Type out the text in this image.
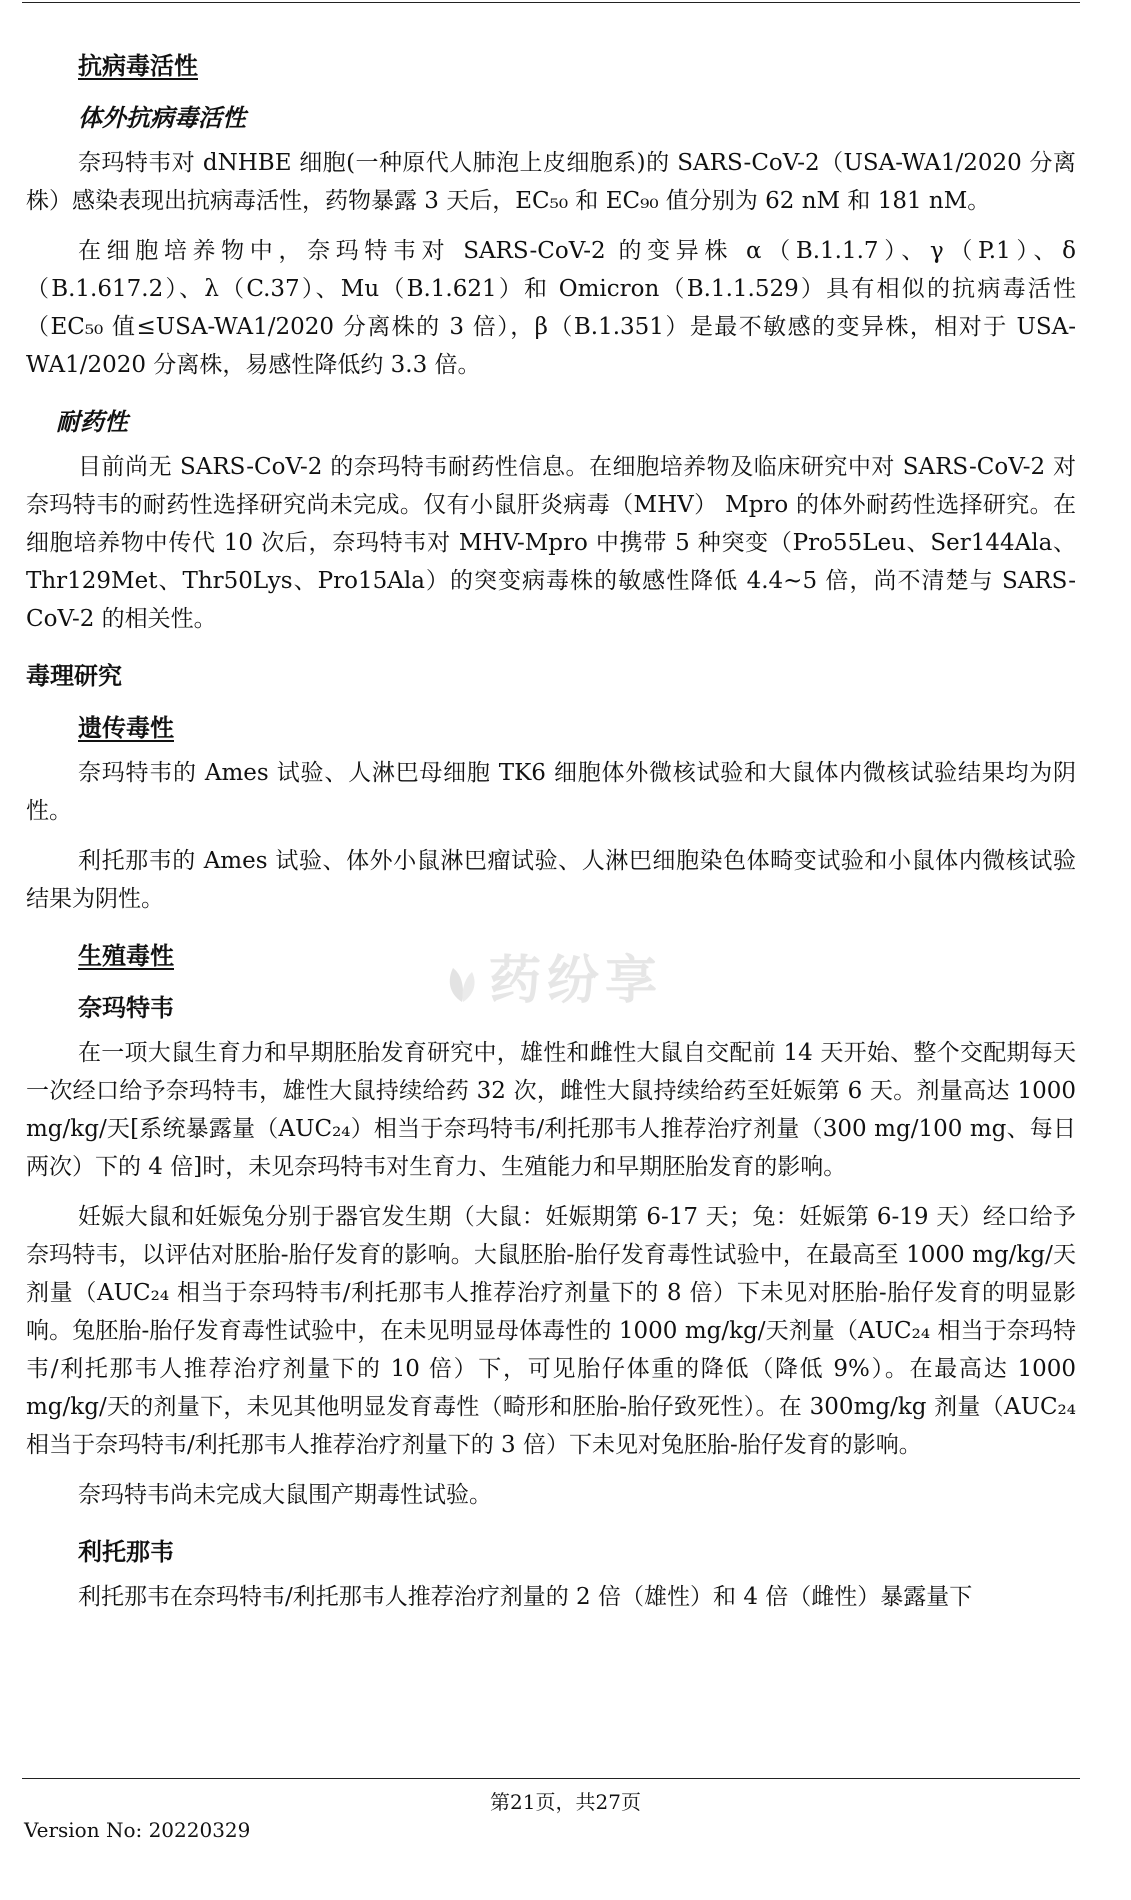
抗病毒活性
体外抗病毒活性

奈玛特韦对 dNHBE 细胞(一种原代人肺泡上皮细胞系)的 SARS-CoV-2（USA-WA1/2020 分离株）感染表现出抗病毒活性，药物暴露 3 天后，EC₅₀ 和 EC₉₀ 值分别为 62 nM 和 181 nM。

在细胞培养物中，奈玛特韦对 SARS-CoV-2 的变异株 α（B.1.1.7）、γ（P.1）、δ（B.1.617.2）、λ（C.37）、Mu（B.1.621）和 Omicron（B.1.1.529）具有相似的抗病毒活性（EC₅₀ 值≤USA-WA1/2020 分离株的 3 倍），β（B.1.351）是最不敏感的变异株，相对于 USA-WA1/2020 分离株，易感性降低约 3.3 倍。

耐药性

目前尚无 SARS-CoV-2 的奈玛特韦耐药性信息。在细胞培养物及临床研究中对 SARS-CoV-2 对奈玛特韦的耐药性选择研究尚未完成。仅有小鼠肝炎病毒（MHV） Mpro 的体外耐药性选择研究。在细胞培养物中传代 10 次后，奈玛特韦对 MHV-Mpro 中携带 5 种突变（Pro55Leu、Ser144Ala、Thr129Met、Thr50Lys、Pro15Ala）的突变病毒株的敏感性降低 4.4~5 倍，尚不清楚与 SARS-CoV-2 的相关性。

毒理研究
遗传毒性

奈玛特韦的 Ames 试验、人淋巴母细胞 TK6 细胞体外微核试验和大鼠体内微核试验结果均为阴性。

利托那韦的 Ames 试验、体外小鼠淋巴瘤试验、人淋巴细胞染色体畸变试验和小鼠体内微核试验结果为阴性。

生殖毒性
奈玛特韦

在一项大鼠生育力和早期胚胎发育研究中，雄性和雌性大鼠自交配前 14 天开始、整个交配期每天一次经口给予奈玛特韦，雄性大鼠持续给药 32 次，雌性大鼠持续给药至妊娠第 6 天。剂量高达 1000 mg/kg/天[系统暴露量（AUC₂₄）相当于奈玛特韦/利托那韦人推荐治疗剂量（300 mg/100 mg、每日两次）下的 4 倍]时，未见奈玛特韦对生育力、生殖能力和早期胚胎发育的影响。

妊娠大鼠和妊娠兔分别于器官发生期（大鼠：妊娠期第 6-17 天；兔：妊娠第 6-19 天）经口给予奈玛特韦，以评估对胚胎-胎仔发育的影响。大鼠胚胎-胎仔发育毒性试验中，在最高至 1000 mg/kg/天剂量（AUC₂₄ 相当于奈玛特韦/利托那韦人推荐治疗剂量下的 8 倍）下未见对胚胎-胎仔发育的明显影响。兔胚胎-胎仔发育毒性试验中，在未见明显母体毒性的 1000 mg/kg/天剂量（AUC₂₄ 相当于奈玛特韦/利托那韦人推荐治疗剂量下的 10 倍）下，可见胎仔体重的降低（降低 9%）。在最高达 1000 mg/kg/天的剂量下，未见其他明显发育毒性（畸形和胚胎-胎仔致死性）。在 300mg/kg 剂量（AUC₂₄ 相当于奈玛特韦/利托那韦人推荐治疗剂量下的 3 倍）下未见对兔胚胎-胎仔发育的影响。

奈玛特韦尚未完成大鼠围产期毒性试验。

利托那韦

利托那韦在奈玛特韦/利托那韦人推荐治疗剂量的 2 倍（雄性）和 4 倍（雌性）暴露量下

药纷享
第21页，共27页
Version No: 20220329
